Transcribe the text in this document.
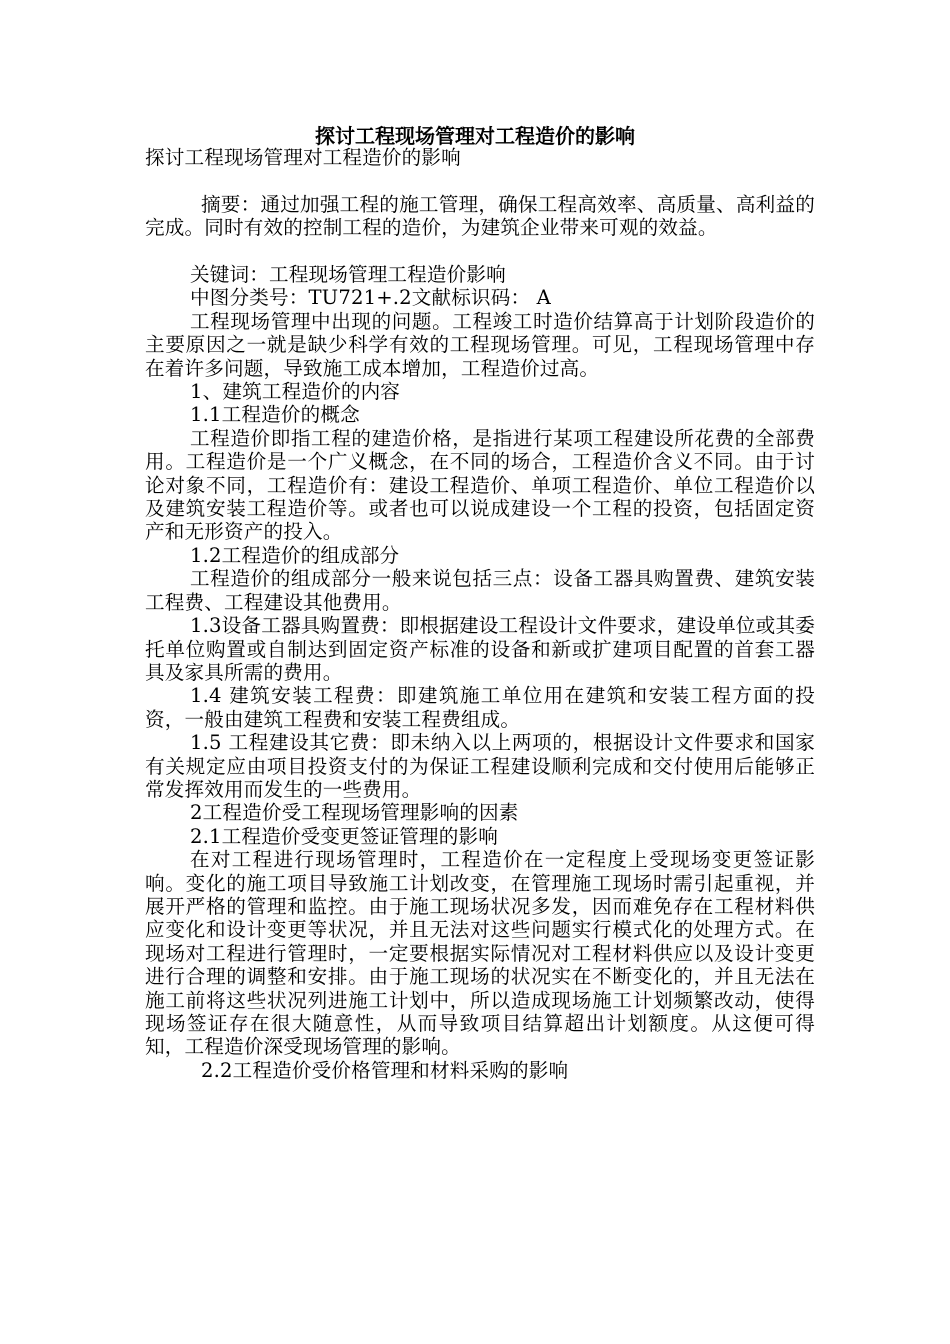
探讨工程现场管理对工程造价的影响

探讨工程现场管理对工程造价的影响

摘要：通过加强工程的施工管理，确保工程高效率、高质量、高利益的完成。同时有效的控制工程的造价，为建筑企业带来可观的效益。

关键词：工程现场管理工程造价影响

中图分类号：TU721+.2文献标识码： A

工程现场管理中出现的问题。工程竣工时造价结算高于计划阶段造价的主要原因之一就是缺少科学有效的工程现场管理。可见，工程现场管理中存在着许多问题，导致施工成本增加，工程造价过高。

1、建筑工程造价的内容

1.1工程造价的概念

工程造价即指工程的建造价格，是指进行某项工程建设所花费的全部费用。工程造价是一个广义概念，在不同的场合，工程造价含义不同。由于讨论对象不同，工程造价有：建设工程造价、单项工程造价、单位工程造价以及建筑安装工程造价等。或者也可以说成建设一个工程的投资，包括固定资产和无形资产的投入。

1.2工程造价的组成部分

工程造价的组成部分一般来说包括三点：设备工器具购置费、建筑安装工程费、工程建设其他费用。

1.3设备工器具购置费：即根据建设工程设计文件要求，建设单位或其委托单位购置或自制达到固定资产标准的设备和新或扩建项目配置的首套工器具及家具所需的费用。

1.4 建筑安装工程费：即建筑施工单位用在建筑和安装工程方面的投资，一般由建筑工程费和安装工程费组成。

1.5 工程建设其它费：即未纳入以上两项的，根据设计文件要求和国家有关规定应由项目投资支付的为保证工程建设顺利完成和交付使用后能够正常发挥效用而发生的一些费用。

2工程造价受工程现场管理影响的因素

2.1工程造价受变更签证管理的影响

在对工程进行现场管理时，工程造价在一定程度上受现场变更签证影响。变化的施工项目导致施工计划改变，在管理施工现场时需引起重视，并展开严格的管理和监控。由于施工现场状况多发，因而难免存在工程材料供应变化和设计变更等状况，并且无法对这些问题实行模式化的处理方式。在现场对工程进行管理时，一定要根据实际情况对工程材料供应以及设计变更进行合理的调整和安排。由于施工现场的状况实在不断变化的，并且无法在施工前将这些状况列进施工计划中，所以造成现场施工计划频繁改动，使得现场签证存在很大随意性，从而导致项目结算超出计划额度。从这便可得知，工程造价深受现场管理的影响。

2.2工程造价受价格管理和材料采购的影响
